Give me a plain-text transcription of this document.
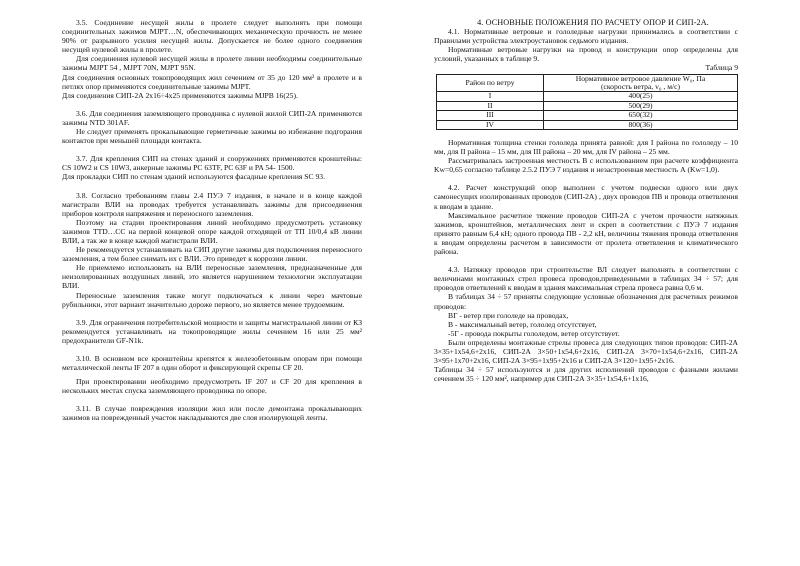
3.5. Соединение несущей жилы в пролете следует выполнять при помощи соединительных зажимов MJPT…N, обеспечивающих механическую прочность не менее 90% от разрывного усилия несущей жилы. Допускается не более одного соединения несущей нулевой жилы в пролете.

Для соединения нулевой несущей жилы в пролете линии необходимы соединительные зажимы MJPT 54 , MJPT 70N, MJPT 95N.

Для соединения основных токопроводящих жил сечением от 35 до 120 мм² в пролете и в петлях опор применяются соединительные зажимы MJPT.

Для соединения СИП-2А 2х16÷4х25 применяются зажимы MJPB 16(25).

3.6. Для соединения заземляющего проводника с нулевой жилой СИП-2А применяются зажимы NTD 301AF.

Не следует применять прокалывающие герметичные зажимы во избежание подгорания контактов при меньшей площади контакта.

3.7. Для крепления СИП на стенах зданий и сооружениях применяются кронштейны: CS 10W2 и CS 10W3, анкерные зажимы PC 63TF, PC 63F и PA 54- 1500.

Для прокладки СИП по стенам зданий используются фасадные крепления SC 93.

3.8. Согласно требованиям главы 2.4 ПУЭ 7 издания, в начале и в конце каждой магистрали ВЛИ на проводах требуется устанавливать зажимы для присоединения приборов контроля напряжения и переносного заземления.

Поэтому на стадии проектирования линий необходимо предусмотреть установку зажимов TTD…CC на первой концевой опоре каждой отходящей от ТП 10/0,4 кВ линии ВЛИ, а так же в конце каждой магистрали ВЛИ.

Не рекомендуется устанавливать на СИП другие зажимы для подключения переносного заземления, а тем более снимать их с ВЛИ. Это приведет к коррозии линии.

Не приемлемо использовать на ВЛИ переносные заземления, предназначенные для неизолированных воздушных линий, это является нарушением технологии эксплуатации ВЛИ.

Переносные заземления также могут подключаться к линии через мачтовые рубильники, этот вариант значительно дороже первого, но является менее трудоемким.

3.9. Для ограничения потребительской мощности и защиты магистральной линии от КЗ рекомендуется устанавливать на токопроводящие жилы сечением 16 или 25 мм² предохранители GF-N1k.

3.10. В основном все кронштейны крепятся к железобетонным опорам при помощи металлической ленты IF 207 в один оборот и фиксирующей скрепы CF 20.

При проектировании необходимо предусмотреть IF 207 и CF 20 для крепления в нескольких местах спуска заземляющего проводника по опоре.

3.11. В случае повреждения изоляции жил или после демонтажа прокалывающих зажимов на поврежденный участок накладываются две слоя изолирующей ленты.

4. ОСНОВНЫЕ ПОЛОЖЕНИЯ ПО РАСЧЕТУ ОПОР И СИП-2А.

4.1. Нормативные ветровые и гололедные нагрузки принимались в соответствии с Правилами устройства электроустановок седьмого издания.

Нормативные ветровые нагрузки на провод и конструкции опор определены для условий, указанных в таблице 9.

Таблица 9

Район по ветру	Нормативное ветровое давление W₀, Па
(скорость ветра, v₀ , м/с)

I	400(25)
II	500(29)
III	650(32)
IV	800(36)

Нормативная толщина стенки гололеда принята равной: для I района по гололеду – 10 мм, для II района – 15 мм, для III района – 20 мм, для IV района – 25 мм.

Рассматривалась застроенная местность В с использованием при расчете коэффициента Kw=0,65 согласно таблице 2.5.2 ПУЭ 7 издания и незастроенная местность А (Kw=1,0).

4.2. Расчет конструкций опор выполнен с учетом подвески одного или двух самонесущих изолированных проводов (СИП-2А) , двух проводов ПВ и провода ответвления к вводам в здание.

Максимальное расчетное тяжение проводов СИП-2А с учетом прочности натяжных зажимов, кронштейнов, металлических лент и скреп в соответствии с ПУЭ 7 издания принято равным 6,4 кН; одного провода ПВ - 2,2 кН, величины тяжения провода ответвления к вводам определены расчетом в зависимости от пролета ответвления и климатического района.

4.3. Натяжку проводов при строительстве ВЛ следует выполнять в соответствии с величинами монтажных стрел провеса проводов,приведенными в таблицах 34 ÷ 57; для проводов ответвлений к вводам в здания максимальная стрела провеса равна 0,6 м.

В таблицах 34 ÷ 57 приняты следующие условные обозначения для расчетных режимов проводов:

ВГ - ветер при гололеде на проводах,
В - максимальный ветер, гололед отсутствует,
-5Г - провода покрыты гололедом, ветер отсутствует.

Были определены монтажные стрелы провеса для следующих типов проводов: СИП-2А 3×35+1х54,6+2х16, СИП-2А 3×50+1х54,6+2х16, СИП-2А 3×70+1х54,6+2х16, СИП-2А 3×95+1х70+2х16, СИП-2А 3×95+1х95+2х16 и СИП-2А 3×120+1х95+2х16.

Таблицы 34 ÷ 57 используются и для других исполнений проводов с фазными жилами сечением 35 ÷ 120 мм², например для СИП-2А 3×35+1х54,6+1х16,
